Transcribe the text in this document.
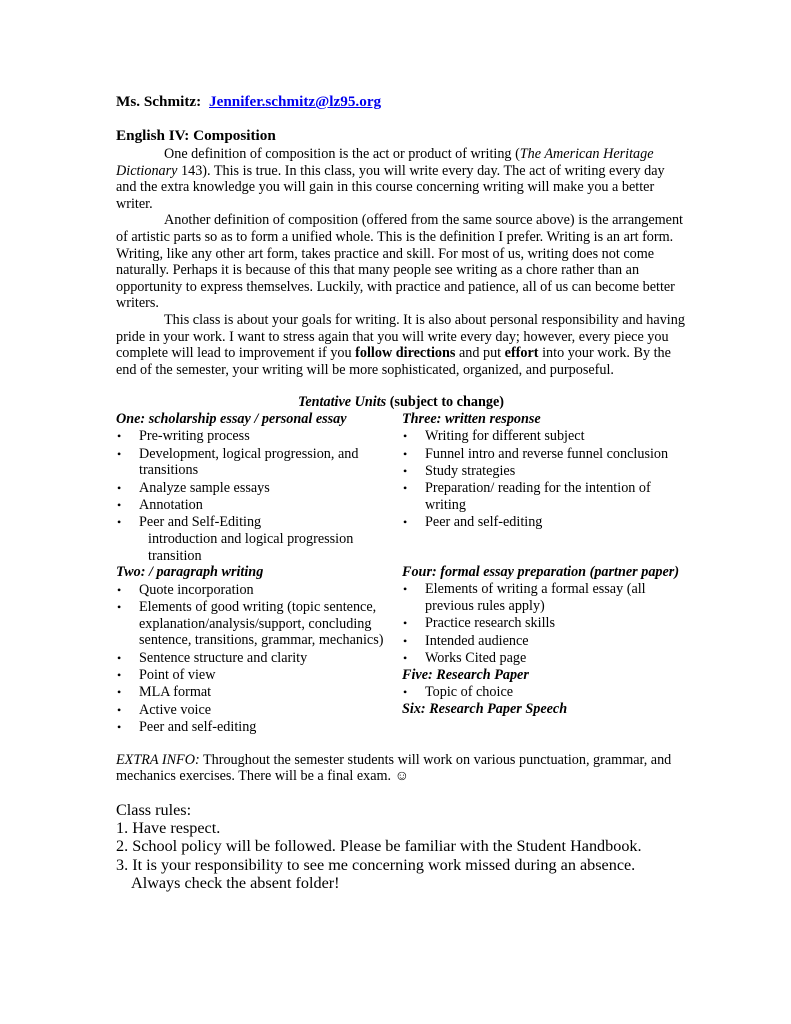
Ms. Schmitz: Jennifer.schmitz@lz95.org

English IV: Composition

One definition of composition is the act or product of writing (The American Heritage Dictionary 143). This is true. In this class, you will write every day. The act of writing every day and the extra knowledge you will gain in this course concerning writing will make you a better writer.

Another definition of composition (offered from the same source above) is the arrangement of artistic parts so as to form a unified whole. This is the definition I prefer. Writing is an art form. Writing, like any other art form, takes practice and skill. For most of us, writing does not come naturally. Perhaps it is because of this that many people see writing as a chore rather than an opportunity to express themselves. Luckily, with practice and patience, all of us can become better writers.

This class is about your goals for writing. It is also about personal responsibility and having pride in your work. I want to stress again that you will write every day; however, every piece you complete will lead to improvement if you follow directions and put effort into your work. By the end of the semester, your writing will be more sophisticated, organized, and purposeful.

Tentative Units (subject to change)

One: scholarship essay / personal essay

• Pre-writing process
• Development, logical progression, and transitions
• Analyze sample essays
• Annotation
• Peer and Self-Editing

introduction and logical progression

transition

Two: / paragraph writing

• Quote incorporation
• Elements of good writing (topic sentence, explanation/analysis/support, concluding sentence, transitions, grammar, mechanics)
• Sentence structure and clarity
• Point of view
• MLA format
• Active voice
• Peer and self-editing

Three: written response

• Writing for different subject
• Funnel intro and reverse funnel conclusion
• Study strategies
• Preparation/ reading for the intention of writing
• Peer and self-editing

Four: formal essay preparation (partner paper)

• Elements of writing a formal essay (all previous rules apply)
• Practice research skills
• Intended audience
• Works Cited page

Five: Research Paper

• Topic of choice

Six: Research Paper Speech

EXTRA INFO: Throughout the semester students will work on various punctuation, grammar, and mechanics exercises. There will be a final exam. ☺

Class rules:

1. Have respect.

2. School policy will be followed. Please be familiar with the Student Handbook.

3. It is your responsibility to see me concerning work missed during an absence. Always check the absent folder!
